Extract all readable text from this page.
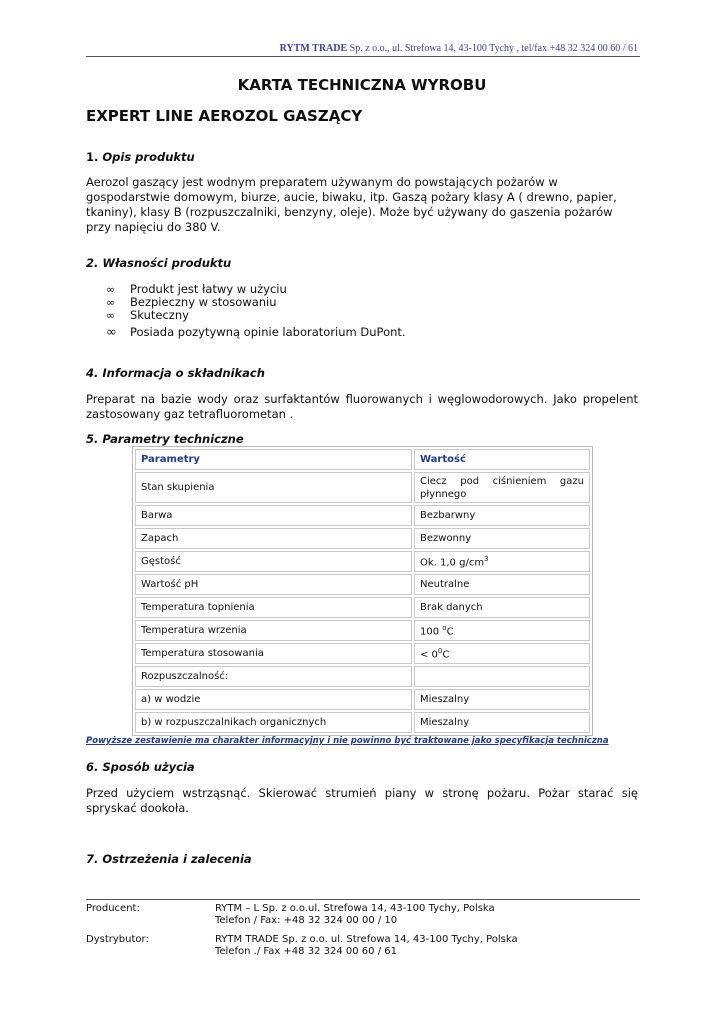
RYTM TRADE Sp. z o.o., ul. Strefowa 14, 43-100 Tychy , tel/fax +48 32 324 00 60 / 61
KARTA TECHNICZNA WYROBU
EXPERT LINE AEROZOL GASZĄCY
1. Opis produktu
Aerozol gaszący jest wodnym preparatem używanym do powstających pożarów w gospodarstwie domowym, biurze, aucie, biwaku, itp. Gaszą pożary klasy A ( drewno, papier, tkaniny), klasy B (rozpuszczalniki, benzyny, oleje). Może być używany do gaszenia pożarów przy napięciu do 380 V.
2. Własności produktu
∞ Produkt jest łatwy w użyciu
∞ Bezpieczny w stosowaniu
∞ Skuteczny
∞ Posiada pozytywną opinie laboratorium DuPont.
4. Informacja o składnikach
Preparat na bazie wody oraz surfaktantów fluorowanych i węglowodorowych. Jako propelent zastosowany gaz tetrafluorometan .
5. Parametry techniczne
Parametry	Wartość
Stan skupienia	Ciecz pod ciśnieniem gazu
płynnego

Barwa	Bezbarwny
Zapach	Bezwonny
Gęstość	Ok. 1,0 $g/cm^3$
Wartość pH	Neutralne
Temperatura topnienia	Brak danych
Temperatura wrzenia	100 $^o$C
Temperatura stosowania	< $0^0C$
Rozpuszczalność:	
a) w wodzie	Mieszalny
b) w rozpuszczalnikach organicznych	Mieszalny
Powyższe zestawienie ma charakter informacyjny i nie powinno być traktowane jako specyfikacja techniczna
6. Sposób użycia
Przed użyciem wstrząsnąć. Skierować strumień piany w stronę pożaru. Pożar starać się spryskać dookoła.
7. Ostrzeżenia i zalecenia
Producent:	RYTM – L Sp. z o.o.ul. Strefowa 14, 43-100 Tychy, Polska
Telefon / Fax: +48 32 324 00 00 / 10
Dystrybutor:	RYTM TRADE Sp. z o.o. ul. Strefowa 14, 43-100 Tychy, Polska
Telefon ./ Fax +48 32 324 00 60 / 61
